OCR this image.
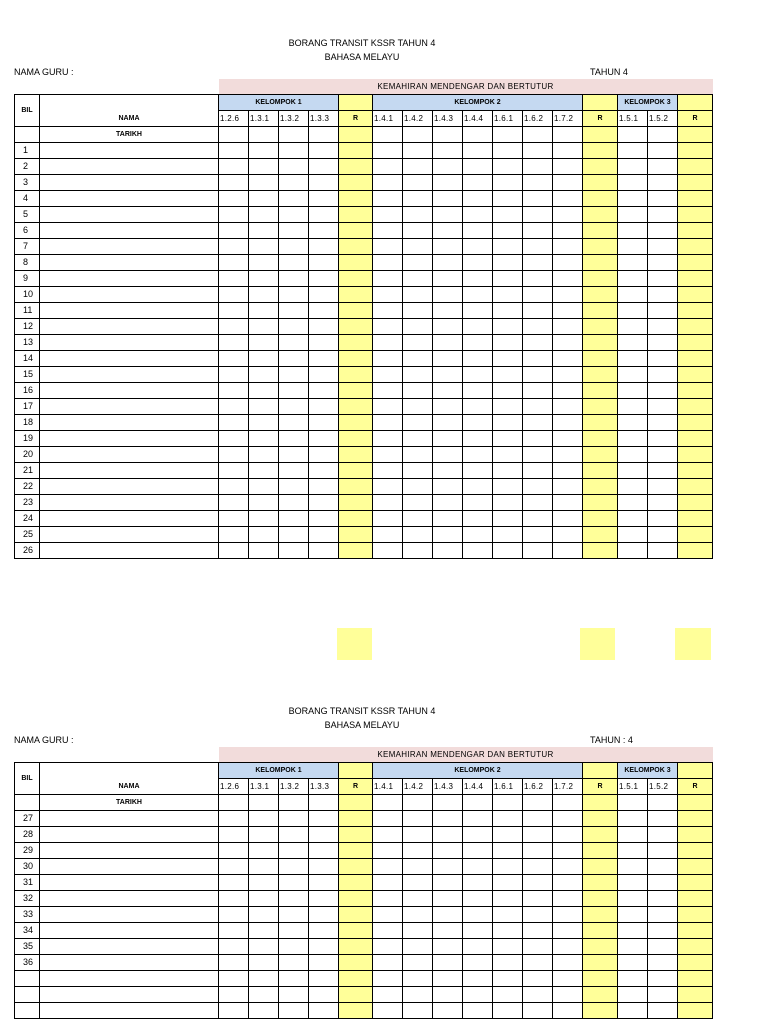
BORANG TRANSIT KSSR TAHUN 4
BAHASA MELAYU
NAMA GURU :	TAHUN 4
		KEMAHIRAN MENDENGAR DAN BERTUTUR															
BIL	NAMA	KELOMPOK 1					KELOMPOK 2								KELOMPOK 3		
		1.2.6	1.3.1	1.3.2	1.3.3	R	1.4.1	1.4.2	1.4.3	1.4.4	1.6.1	1.6.2	1.7.2	R	1.5.1	1.5.2	R
	TARIKH																
1																	
2																	
3																	
4																	
5																	
6																	
7																	
8																	
9																	
10																	
11																	
12																	
13																	
14																	
15																	
16																	
17																	
18																	
19																	
20																	
21																	
22																	
23																	
24																	
25																	
26																	
BORANG TRANSIT KSSR TAHUN 4
BAHASA MELAYU
NAMA GURU :	TAHUN : 4
		KEMAHIRAN MENDENGAR DAN BERTUTUR															
BIL	NAMA	KELOMPOK 1					KELOMPOK 2								KELOMPOK 3		
		1.2.6	1.3.1	1.3.2	1.3.3	R	1.4.1	1.4.2	1.4.3	1.4.4	1.6.1	1.6.2	1.7.2	R	1.5.1	1.5.2	R
	TARIKH																
27																	
28																	
29																	
30																	
31																	
32																	
33																	
34																	
35																	
36																	
